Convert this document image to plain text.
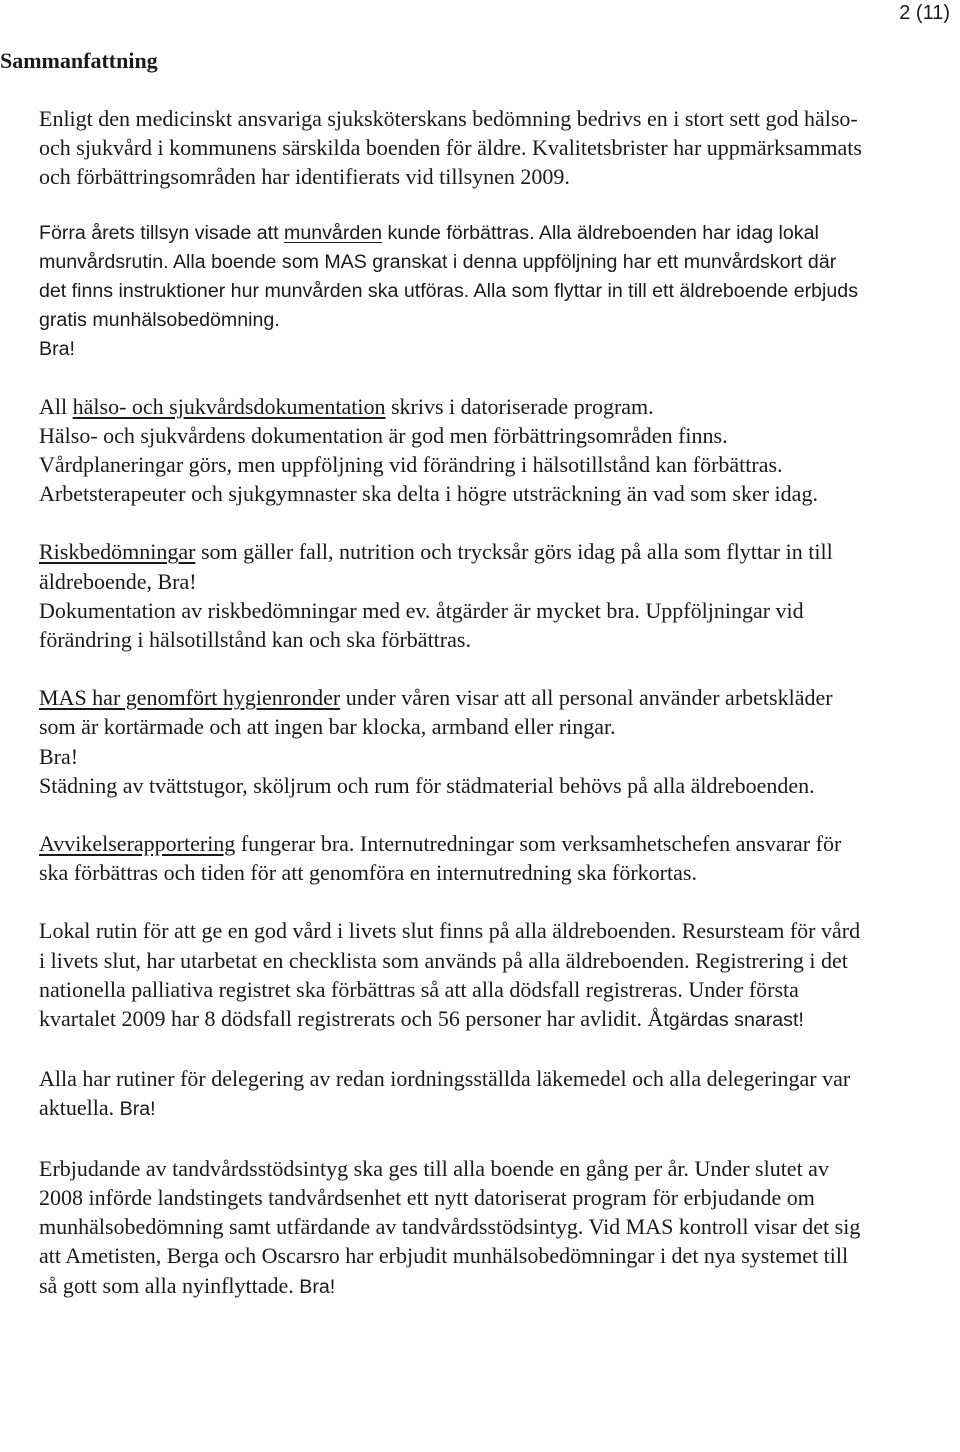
2 (11)
Sammanfattning

Enligt den medicinskt ansvariga sjuksköterskans bedömning bedrivs en i stort sett god hälso- och sjukvård i kommunens särskilda boenden för äldre. Kvalitetsbrister har uppmärksammats och förbättringsområden har identifierats vid tillsynen 2009.

Förra årets tillsyn visade att munvården kunde förbättras. Alla äldreboenden har idag lokal munvårdsrutin. Alla boende som MAS granskat i denna uppföljning har ett munvårdskort där det finns instruktioner hur munvården ska utföras. Alla som flyttar in till ett äldreboende erbjuds gratis munhälsobedömning.
Bra!

All hälso- och sjukvårdsdokumentation skrivs i datoriserade program.
Hälso- och sjukvårdens dokumentation är god men förbättringsområden finns.
Vårdplaneringar görs, men uppföljning vid förändring i hälsotillstånd kan förbättras. Arbetsterapeuter och sjukgymnaster ska delta i högre utsträckning än vad som sker idag.

Riskbedömningar som gäller fall, nutrition och trycksår görs idag på alla som flyttar in till äldreboende, Bra!
Dokumentation av riskbedömningar med ev. åtgärder är mycket bra. Uppföljningar vid förändring i hälsotillstånd kan och ska förbättras.

MAS har genomfört hygienronder under våren visar att all personal använder arbetskläder som är kortärmade och att ingen bar klocka, armband eller ringar.
Bra!
Städning av tvättstugor, sköljrum och rum för städmaterial behövs på alla äldreboenden.

Avvikelserapportering fungerar bra. Internutredningar som verksamhetschefen ansvarar för ska förbättras och tiden för att genomföra en internutredning ska förkortas.

Lokal rutin för att ge en god vård i livets slut finns på alla äldreboenden. Resursteam för vård i livets slut, har utarbetat en checklista som används på alla äldreboenden. Registrering i det nationella palliativa registret ska förbättras så att alla dödsfall registreras. Under första kvartalet 2009 har 8 dödsfall registrerats och 56 personer har avlidit. Åtgärdas snarast!

Alla har rutiner för delegering av redan iordningsställda läkemedel och alla delegeringar var aktuella. Bra!

Erbjudande av tandvårdsstödsintyg ska ges till alla boende en gång per år. Under slutet av 2008 införde landstingets tandvårdsenhet ett nytt datoriserat program för erbjudande om munhälsobedömning samt utfärdande av tandvårdsstödsintyg. Vid MAS kontroll visar det sig att Ametisten, Berga och Oscarsro har erbjudit munhälsobedömningar i det nya systemet till så gott som alla nyinflyttade. Bra!
